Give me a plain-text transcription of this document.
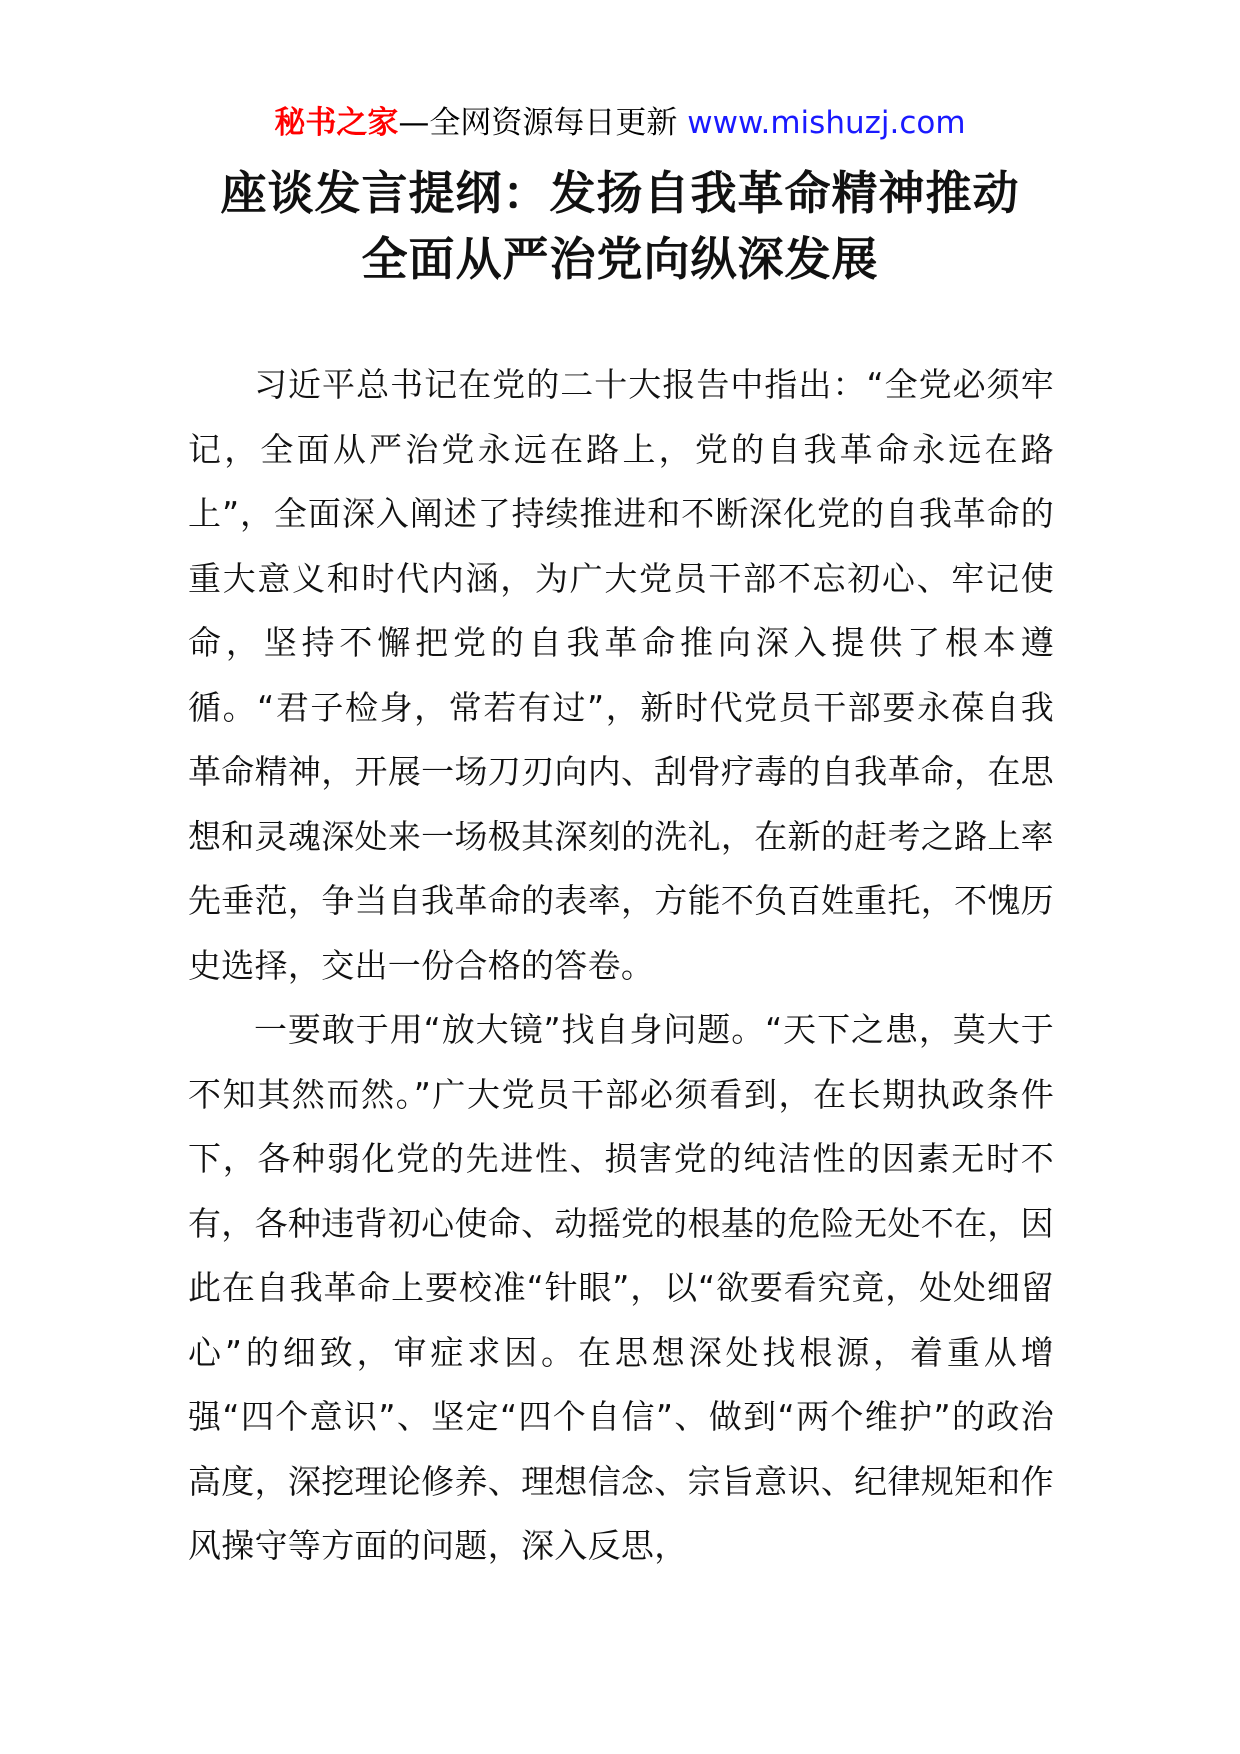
秘书之家—全网资源每日更新 www.mishuzj.com
座谈发言提纲：发扬自我革命精神推动全面从严治党向纵深发展

习近平总书记在党的二十大报告中指出：“全党必须牢记，全面从严治党永远在路上，党的自我革命永远在路上”，全面深入阐述了持续推进和不断深化党的自我革命的重大意义和时代内涵，为广大党员干部不忘初心、牢记使命，坚持不懈把党的自我革命推向深入提供了根本遵循。“君子检身，常若有过”，新时代党员干部要永葆自我革命精神，开展一场刀刃向内、刮骨疗毒的自我革命，在思想和灵魂深处来一场极其深刻的洗礼，在新的赶考之路上率先垂范，争当自我革命的表率，方能不负百姓重托，不愧历史选择，交出一份合格的答卷。

一要敢于用“放大镜”找自身问题。“天下之患，莫大于不知其然而然。”广大党员干部必须看到，在长期执政条件下，各种弱化党的先进性、损害党的纯洁性的因素无时不有，各种违背初心使命、动摇党的根基的危险无处不在，因此在自我革命上要校准“针眼”，以“欲要看究竟，处处细留心”的细致，审症求因。在思想深处找根源，着重从增强“四个意识”、坚定“四个自信”、做到“两个维护”的政治高度，深挖理论修养、理想信念、宗旨意识、纪律规矩和作风操守等方面的问题，深入反思，
